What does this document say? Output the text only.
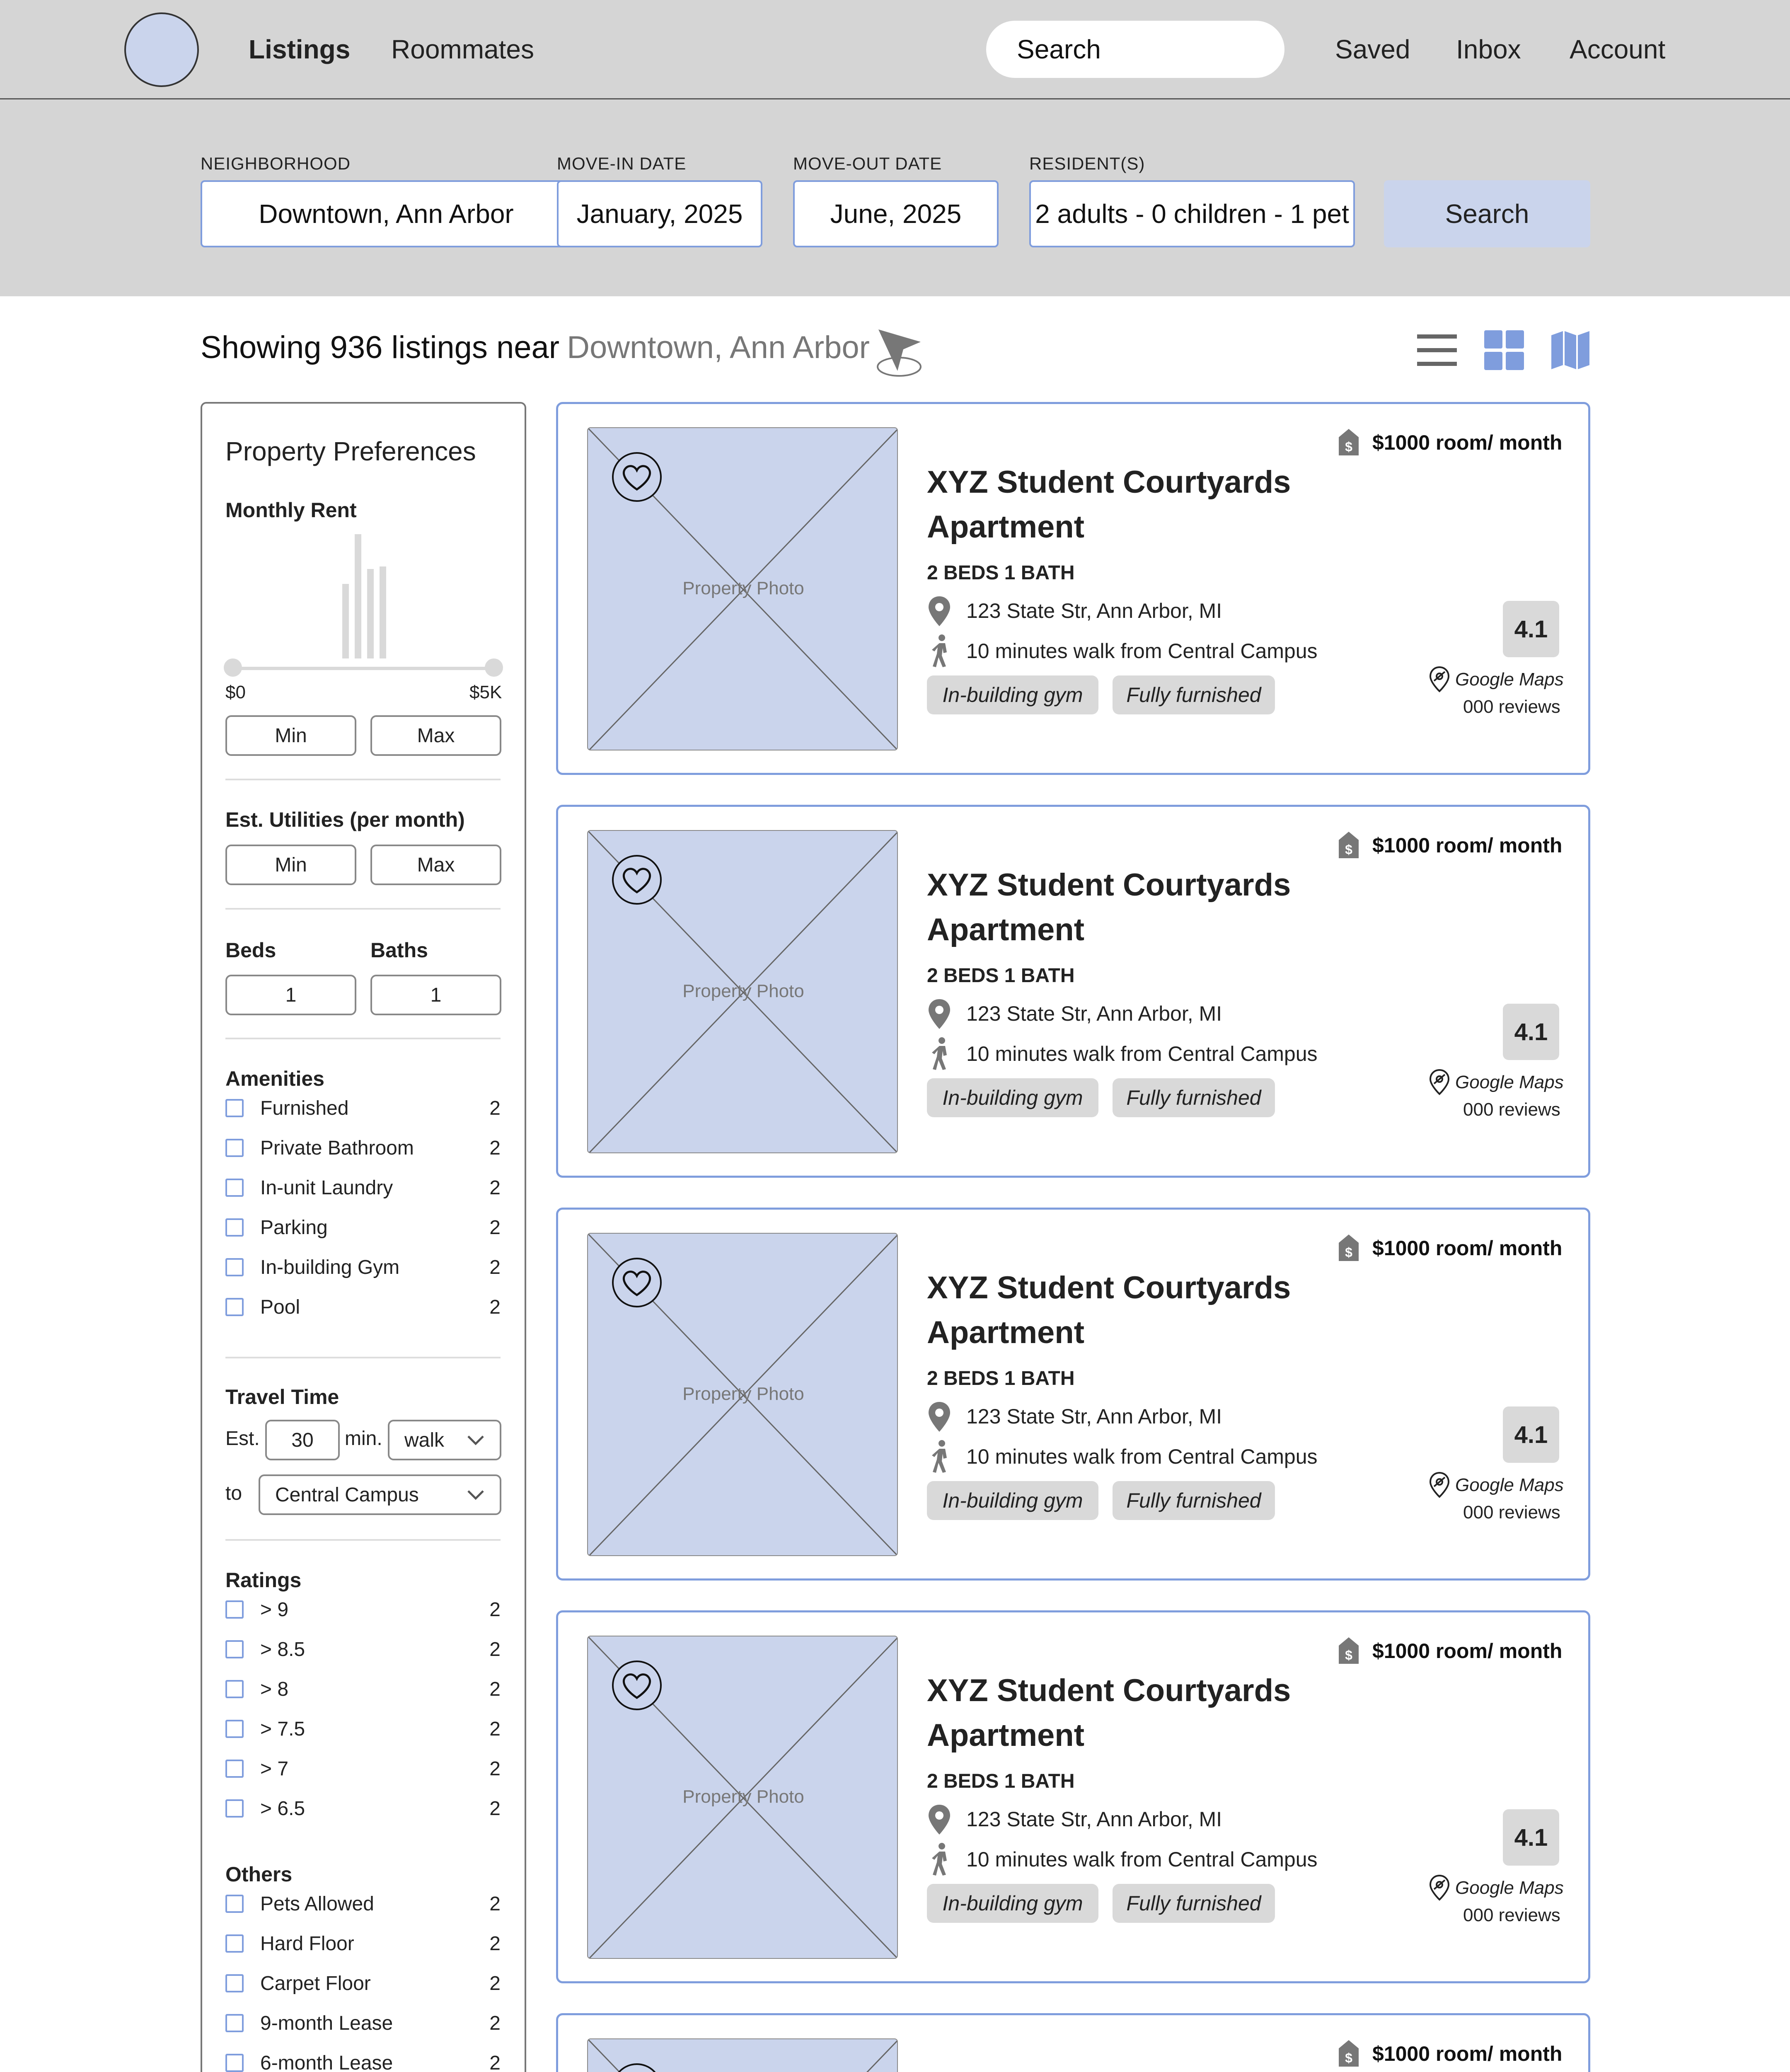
Listings Roommates
Search	Saved Inbox Account
NEIGHBORHOOD
Downtown, Ann Arbor
MOVE-IN DATE
January, 2025
MOVE-OUT DATE
June, 2025
RESIDENT(S)
2 adults - 0 children - 1 pet	Search
Showing 936 listings near Downtown, Ann Arbor
Property Preferences
Monthly Rent
$0	$5K
Min	Max
Est. Utilities (per month)
Min	Max
Beds	Baths
1	1
Amenities
Furnished	2
Private Bathroom	2
In-unit Laundry	2
Parking	2
In-building Gym	2
Pool	2
Travel Time
Est.	30	min. walk
to Central Campus
Ratings
> 9	2
> 8.5	2
> 8	2
> 7.5	2
> 7	2
> 6.5	2
Others
Pets Allowed	2
Hard Floor	2
Carpet Floor	2
9-month Lease	2
6-month Lease	2
Property Photo
$ $1000 room/ month
XYZ Student Courtyards Apartment
2 BEDS 1 BATH
123 State Str, Ann Arbor, MI
10 minutes walk from Central Campus
In-building gym	Fully furnished
4.1
Google Maps
000 reviews
Property Photo
$ $1000 room/ month
XYZ Student Courtyards Apartment
2 BEDS 1 BATH
123 State Str, Ann Arbor, MI
10 minutes walk from Central Campus
In-building gym	Fully furnished
4.1
Google Maps
000 reviews
Property Photo
$ $1000 room/ month
XYZ Student Courtyards Apartment
2 BEDS 1 BATH
123 State Str, Ann Arbor, MI
10 minutes walk from Central Campus
In-building gym	Fully furnished
4.1
Google Maps
000 reviews
Property Photo
$ $1000 room/ month
XYZ Student Courtyards Apartment
2 BEDS 1 BATH
123 State Str, Ann Arbor, MI
10 minutes walk from Central Campus
In-building gym	Fully furnished
4.1
Google Maps
000 reviews
$ $1000 room/ month
